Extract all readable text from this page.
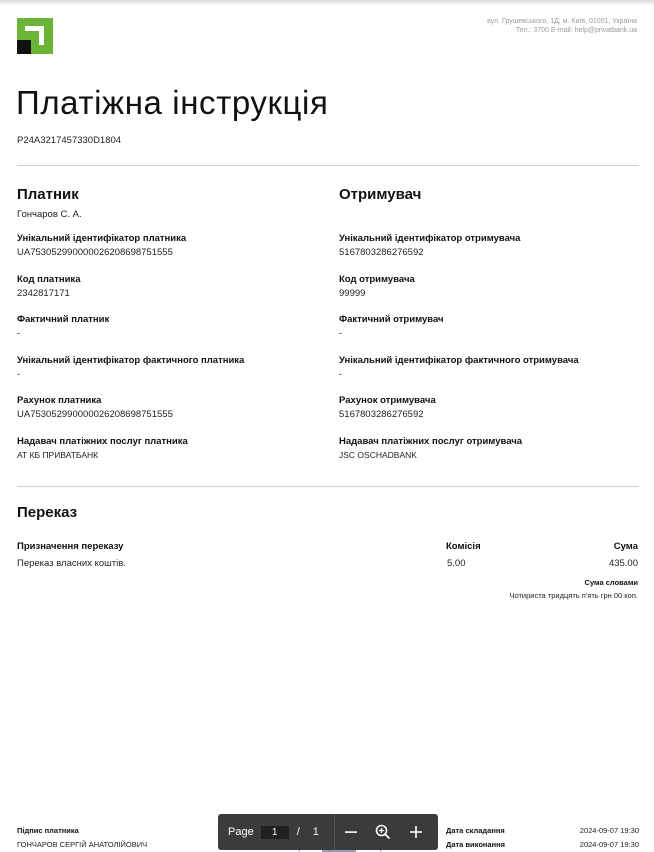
вул. Грушевського, 1Д, м. Київ, 01001, Україна
Тел.: 3700 E-mail: help@privatbank.ua
Платіжна інструкція
P24A3217457330D1804
Платник
Гончаров С. А.
Унікальний ідентифікатор платника
UA753052990000026208698751555
Код платника
2342817171
Фактичний платник
-
Унікальний ідентифікатор фактичного платника
-
Рахунок платника
UA753052990000026208698751555
Надавач платіжних послуг платника
АТ КБ ПРИВАТБАНК
Отримувач
Унікальний ідентифікатор отримувача
5167803286276592
Код отримувача
99999
Фактичний отримувач
-
Унікальний ідентифікатор фактичного отримувача
-
Рахунок отримувача
5167803286276592
Надавач платіжних послуг отримувача
JSC OSCHADBANK
Переказ
Призначення переказу	Комісія	Сума
Переказ власних коштів.	5.00	435.00
Сума словами
Чотириста тридцять п'ять грн 00 коп.
Підпис платника
ГОНЧАРОВ СЕРГІЙ АНАТОЛІЙОВИЧ
Дата складання	2024-09-07 19:30
Дата виконання	2024-09-07 19:30
Page
1	/ 1
